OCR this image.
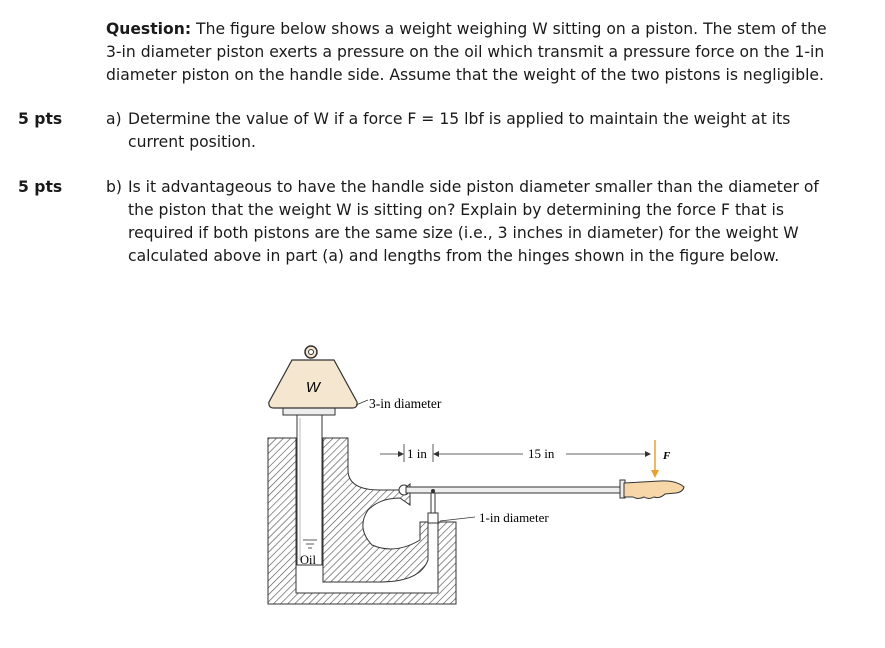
Question: The figure below shows a weight weighing W sitting on a piston. The stem of the 3-in diameter piston exerts a pressure on the oil which transmit a pressure force on the 1-in diameter piston on the handle side. Assume that the weight of the two pistons is negligible.

5 pts	a) Determine the value of W if a force F = 15 lbf is applied to maintain the weight at its current position.
5 pts	b) Is it advantageous to have the handle side piston diameter smaller than the diameter of the piston that the weight W is sitting on? Explain by determining the force F that is required if both pistons are the same size (i.e., 3 inches in diameter) for the weight W calculated above in part (a) and lengths from the hinges shown in the figure below.
W
3-in diameter
F
1 in	15 in
1-in diameter
Oil
